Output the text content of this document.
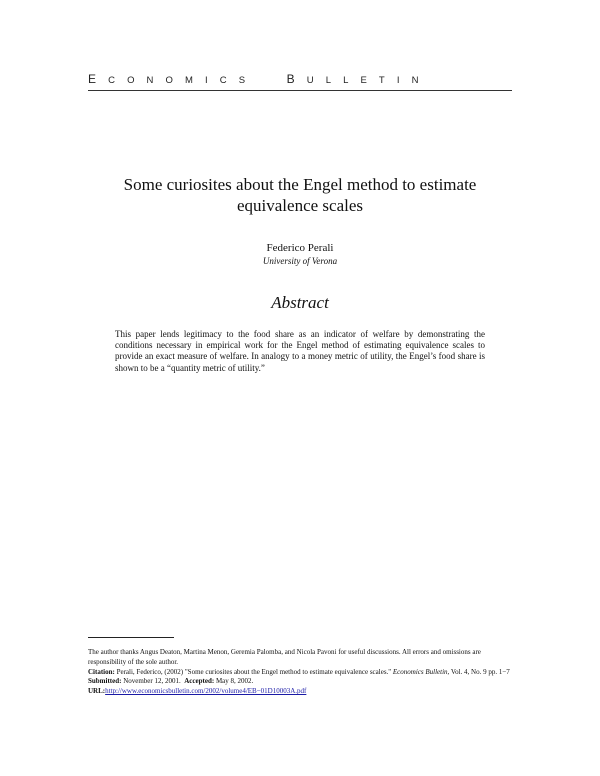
ECONOMICS BULLETIN
Some curiosites about the Engel method to estimate
equivalence scales
Federico Perali
University of Verona
Abstract
This paper lends legitimacy to the food share as an indicator of welfare by demonstrating the conditions necessary in empirical work for the Engel method of estimating equivalence scales to provide an exact measure of welfare. In analogy to a money metric of utility, the Engel’s food share is shown to be a “quantity metric of utility.”

The author thanks Angus Deaton, Martina Menon, Geremia Palomba, and Nicola Pavoni for useful discussions. All errors and omissions are responsibility of the sole author.

Citation: Perali, Federico, (2002) "Some curiosites about the Engel method to estimate equivalence scales." Economics Bulletin, Vol. 4, No. 9 pp. 1−7

Submitted: November 12, 2001. Accepted: May 8, 2002.

URL:http://www.economicsbulletin.com/2002/volume4/EB−01D10003A.pdf
